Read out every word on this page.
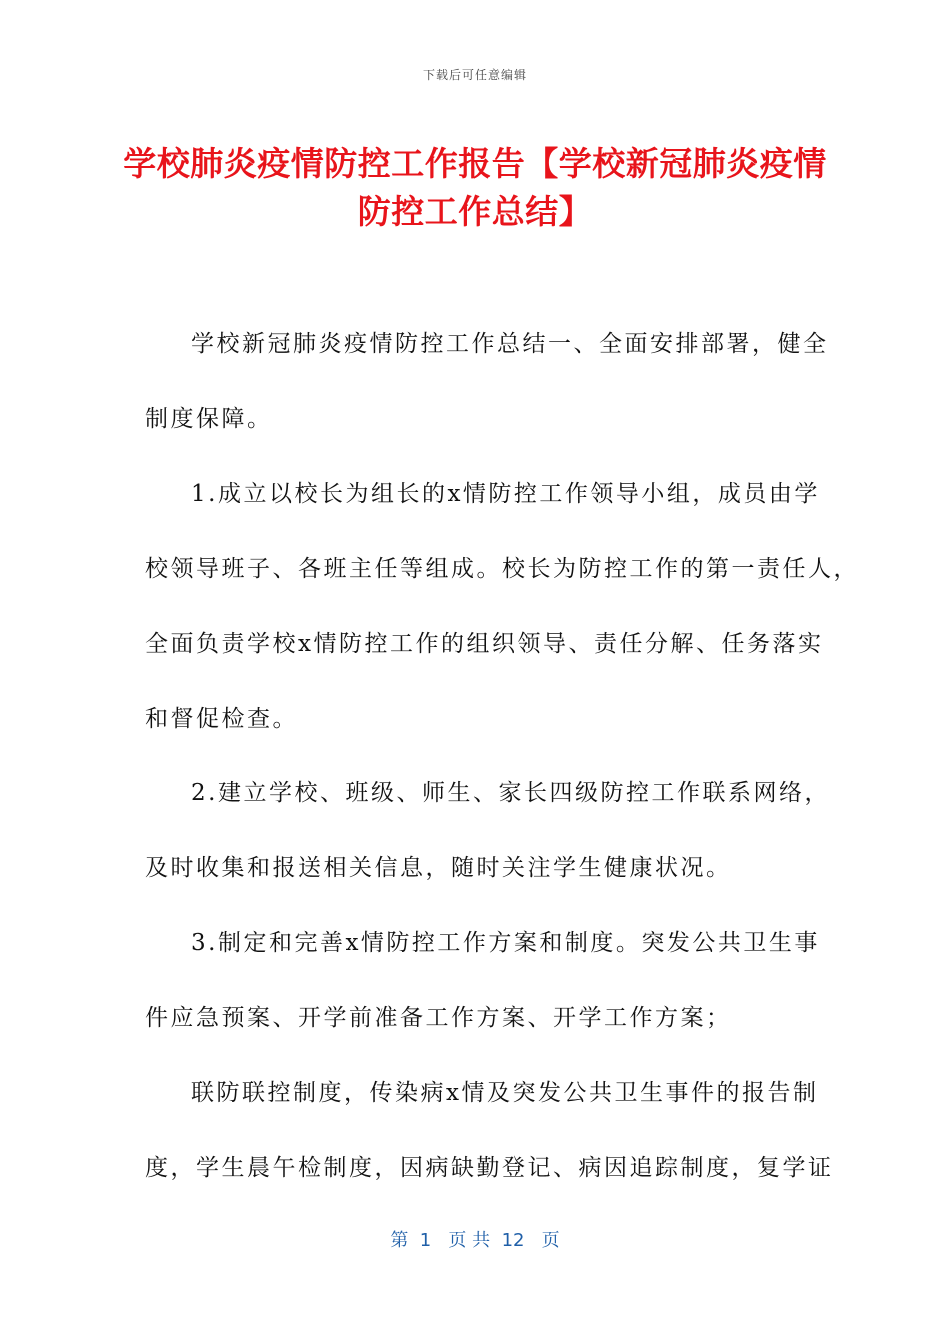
下载后可任意编辑
学校肺炎疫情防控工作报告【学校新冠肺炎疫情防控工作总结】
学校新冠肺炎疫情防控工作总结一、全面安排部署，健全
制度保障。
1.成立以校长为组长的x情防控工作领导小组，成员由学
校领导班子、各班主任等组成。校长为防控工作的第一责任人，
全面负责学校x情防控工作的组织领导、责任分解、任务落实
和督促检查。
2.建立学校、班级、师生、家长四级防控工作联系网络，
及时收集和报送相关信息，随时关注学生健康状况。
3.制定和完善x情防控工作方案和制度。突发公共卫生事
件应急预案、开学前准备工作方案、开学工作方案；
联防联控制度，传染病x情及突发公共卫生事件的报告制
度，学生晨午检制度，因病缺勤登记、病因追踪制度，复学证
第  1   页 共  12   页
